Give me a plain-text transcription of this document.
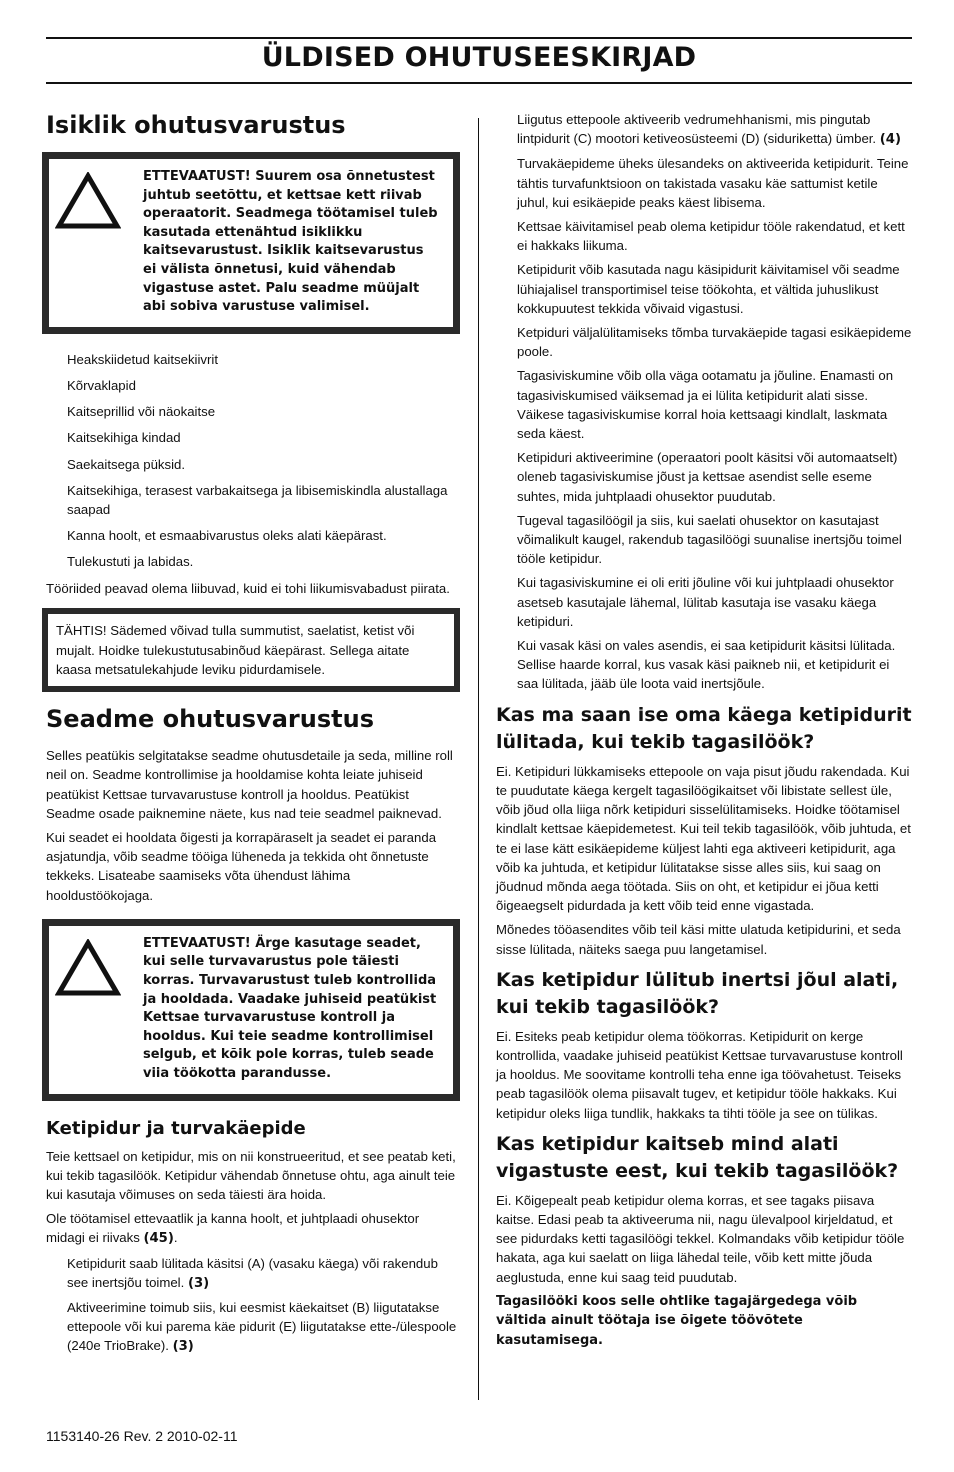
ÜLDISED OHUTUSEESKIRJAD
Isiklik ohutusvarustus
ETTEVAATUST! Suurem osa õnnetustest juhtub seetõttu, et kettsae kett riivab operaatorit. Seadmega töötamisel tuleb kasutada ettenähtud isiklikku kaitsevarustust. Isiklik kaitsevarustus ei välista õnnetusi, kuid vähendab vigastuse astet. Palu seadme müüjalt abi sobiva varustuse valimisel.

Heakskiidetud kaitsekiivrit

Kõrvaklapid

Kaitseprillid või näokaitse

Kaitsekihiga kindad

Saekaitsega püksid.

Kaitsekihiga, terasest varbakaitsega ja libisemiskindla alustallaga saapad

Kanna hoolt, et esmaabivarustus oleks alati käepärast.

Tulekustuti ja labidas.

Tööriided peavad olema liibuvad, kuid ei tohi liikumisvabadust piirata.

TÄHTIS! Sädemed võivad tulla summutist, saelatist, ketist või mujalt. Hoidke tulekustutusabinõud käepärast. Sellega aitate kaasa metsatulekahjude leviku pidurdamisele.

Seadme ohutusvarustus

Selles peatükis selgitatakse seadme ohutusdetaile ja seda, milline roll neil on. Seadme kontrollimise ja hooldamise kohta leiate juhiseid peatükist Kettsae turvavarustuse kontroll ja hooldus. Peatükist Seadme osade paiknemine näete, kus nad teie seadmel paiknevad.

Kui seadet ei hooldata õigesti ja korrapäraselt ja seadet ei paranda asjatundja, võib seadme tööiga lüheneda ja tekkida oht õnnetuste tekkeks. Lisateabe saamiseks võta ühendust lähima hooldustöökojaga.

ETTEVAATUST! Ärge kasutage seadet, kui selle turvavarustus pole täiesti korras. Turvavarustust tuleb kontrollida ja hooldada. Vaadake juhiseid peatükist Kettsae turvavarustuse kontroll ja hooldus. Kui teie seadme kontrollimisel selgub, et kõik pole korras, tuleb seade viia töökotta parandusse.
Ketipidur ja turvakäepide

Teie kettsael on ketipidur, mis on nii konstrueeritud, et see peatab keti, kui tekib tagasilöök. Ketipidur vähendab õnnetuse ohtu, aga ainult teie kui kasutaja võimuses on seda täiesti ära hoida.

Ole töötamisel ettevaatlik ja kanna hoolt, et juhtplaadi ohusektor midagi ei riivaks (45).

Ketipidurit saab lülitada käsitsi (A) (vasaku käega) või rakendub see inertsjõu toimel. (3)

Aktiveerimine toimub siis, kui eesmist käekaitset (B) liigutatakse ettepoole või kui parema käe pidurit (E) liigutatakse ette-/ülespoole (240e TrioBrake). (3)

Liigutus ettepoole aktiveerib vedrumehhanismi, mis pingutab lintpidurit (C) mootori ketiveosüsteemi (D) (siduriketta) ümber. (4)

Turvakäepideme üheks ülesandeks on aktiveerida ketipidurit. Teine tähtis turvafunktsioon on takistada vasaku käe sattumist ketile juhul, kui esikäepide peaks käest libisema.

Kettsae käivitamisel peab olema ketipidur tööle rakendatud, et kett ei hakkaks liikuma.

Ketipidurit võib kasutada nagu käsipidurit käivitamisel või seadme lühiajalisel transportimisel teise töökohta, et vältida juhuslikust kokkupuutest tekkida võivaid vigastusi.

Ketpiduri väljalülitamiseks tõmba turvakäepide tagasi esikäepideme poole.

Tagasiviskumine võib olla väga ootamatu ja jõuline. Enamasti on tagasiviskumised väiksemad ja ei lülita ketipidurit alati sisse. Väikese tagasiviskumise korral hoia kettsaagi kindlalt, laskmata seda käest.

Ketipiduri aktiveerimine (operaatori poolt käsitsi või automaatselt) oleneb tagasiviskumise jõust ja kettsae asendist selle eseme suhtes, mida juhtplaadi ohusektor puudutab.

Tugeval tagasilöögil ja siis, kui saelati ohusektor on kasutajast võimalikult kaugel, rakendub tagasilöögi suunalise inertsjõu toimel tööle ketipidur.

Kui tagasiviskumine ei oli eriti jõuline või kui juhtplaadi ohusektor asetseb kasutajale lähemal, lülitab kasutaja ise vasaku käega ketipiduri.

Kui vasak käsi on vales asendis, ei saa ketipidurit käsitsi lülitada. Sellise haarde korral, kus vasak käsi paikneb nii, et ketipidurit ei saa lülitada, jääb üle loota vaid inertsjõule.

Kas ma saan ise oma käega ketipidurit lülitada, kui tekib tagasilöök?

Ei. Ketipiduri lükkamiseks ettepoole on vaja pisut jõudu rakendada. Kui te puudutate käega kergelt tagasilöögikaitset või libistate sellest üle, võib jõud olla liiga nõrk ketipiduri sisselülitamiseks. Hoidke töötamisel kindlalt kettsae käepidemetest. Kui teil tekib tagasilöök, võib juhtuda, et te ei lase kätt esikäepideme küljest lahti ega aktiveeri ketipidurit, aga võib ka juhtuda, et ketipidur lülitatakse sisse alles siis, kui saag on jõudnud mõnda aega töötada. Siis on oht, et ketipidur ei jõua ketti õigeaegselt pidurdada ja kett võib teid enne vigastada.

Mõnedes tööasendites võib teil käsi mitte ulatuda ketipidurini, et seda sisse lülitada, näiteks saega puu langetamisel.

Kas ketipidur lülitub inertsi jõul alati, kui tekib tagasilöök?

Ei. Esiteks peab ketipidur olema töökorras. Ketipidurit on kerge kontrollida, vaadake juhiseid peatükist Kettsae turvavarustuse kontroll ja hooldus. Me soovitame kontrolli teha enne iga töövahetust. Teiseks peab tagasilöök olema piisavalt tugev, et ketipidur tööle hakkaks. Kui ketipidur oleks liiga tundlik, hakkaks ta tihti tööle ja see on tülikas.

Kas ketipidur kaitseb mind alati vigastuste eest, kui tekib tagasilöök?

Ei. Kõigepealt peab ketipidur olema korras, et see tagaks piisava kaitse. Edasi peab ta aktiveeruma nii, nagu ülevalpool kirjeldatud, et see pidurdaks ketti tagasilöögi tekkel. Kolmandaks võib ketipidur tööle hakata, aga kui saelatt on liiga lähedal teile, võib kett mitte jõuda aeglustuda, enne kui saag teid puudutab.

Tagasilööki koos selle ohtlike tagajärgedega võib vältida ainult töötaja ise õigete töövõtete kasutamisega.

1153140-26 Rev. 2 2010-02-11
